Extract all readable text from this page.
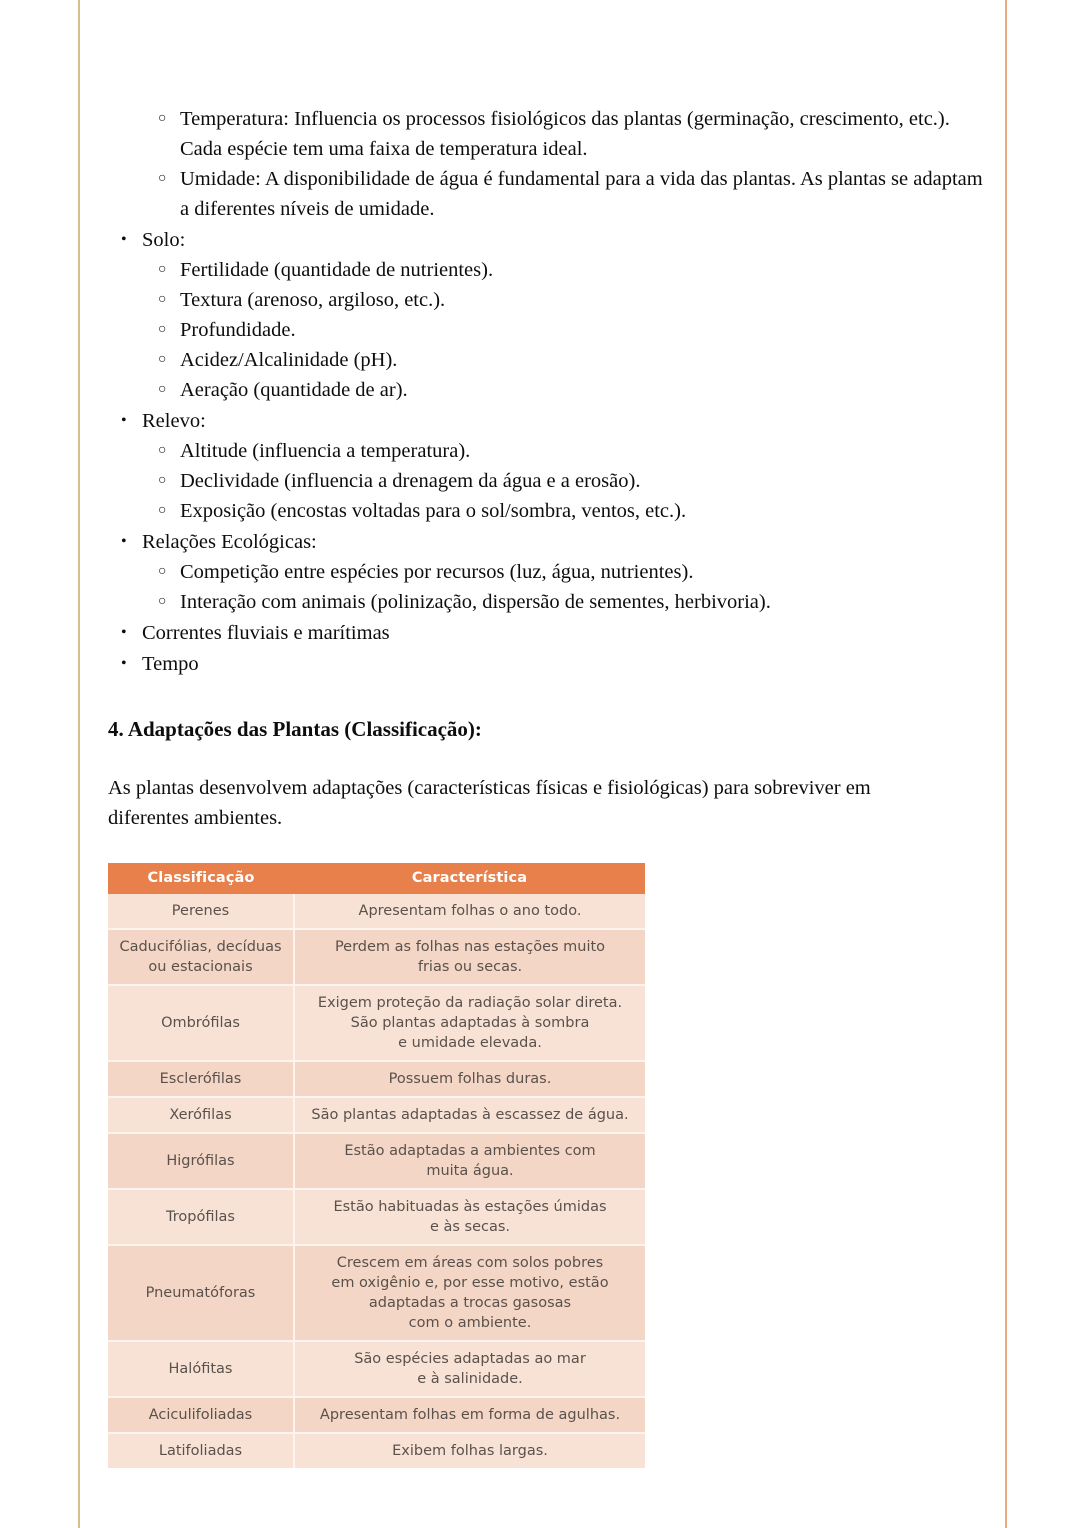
○ Temperatura: Influencia os processos fisiológicos das plantas (germinação, crescimento, etc.). Cada espécie tem uma faixa de temperatura ideal.
○ Umidade: A disponibilidade de água é fundamental para a vida das plantas. As plantas se adaptam a diferentes níveis de umidade.
• Solo:
○ Fertilidade (quantidade de nutrientes).
○ Textura (arenoso, argiloso, etc.).
○ Profundidade.
○ Acidez/Alcalinidade (pH).
○ Aeração (quantidade de ar).
• Relevo:
○ Altitude (influencia a temperatura).
○ Declividade (influencia a drenagem da água e a erosão).
○ Exposição (encostas voltadas para o sol/sombra, ventos, etc.).
• Relações Ecológicas:
○ Competição entre espécies por recursos (luz, água, nutrientes).
○ Interação com animais (polinização, dispersão de sementes, herbivoria).
• Correntes fluviais e marítimas
• Tempo
4. Adaptações das Plantas (Classificação):

As plantas desenvolvem adaptações (características físicas e fisiológicas) para sobreviver em diferentes ambientes.

Classificação	Característica

Perenes	Apresentam folhas o ano todo.

Caducifólias, decíduas
ou estacionais	Perdem as folhas nas estações muito
frias ou secas.

Ombrófilas	Exigem proteção da radiação solar direta.
São plantas adaptadas à sombra
e umidade elevada.

Esclerófilas	Possuem folhas duras.

Xerófilas	São plantas adaptadas à escassez de água.

Higrófilas	Estão adaptadas a ambientes com
muita água.

Tropófilas	Estão habituadas às estações úmidas
e às secas.

Pneumatóforas	Crescem em áreas com solos pobres
em oxigênio e, por esse motivo, estão
adaptadas a trocas gasosas
com o ambiente.

Halófitas	São espécies adaptadas ao mar
e à salinidade.

Aciculifoliadas	Apresentam folhas em forma de agulhas.

Latifoliadas	Exibem folhas largas.
